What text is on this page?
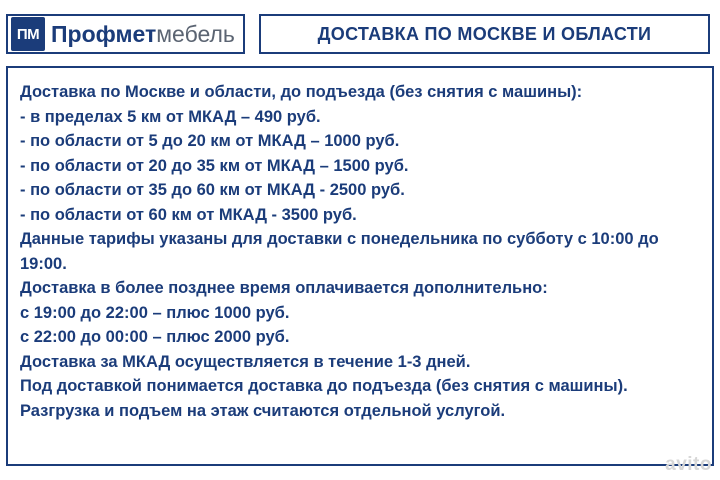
ПМ Профметмебель	ДОСТАВКА ПО МОСКВЕ И ОБЛАСТИ
Доставка по Москве и области, до подъезда (без снятия с машины):
- в пределах 5 км от МКАД – 490 руб.
- по области от 5 до 20 км от МКАД – 1000 руб.
- по области от 20 до 35 км от МКАД – 1500 руб.
- по области от 35 до 60 км от МКАД - 2500 руб.
- по области от 60 км от МКАД - 3500 руб.
Данные тарифы указаны для доставки с понедельника по субботу с 10:00 до 19:00.
Доставка в более позднее время оплачивается дополнительно:
с 19:00 до 22:00 – плюс 1000 руб.
с 22:00 до 00:00 – плюс 2000 руб.
Доставка за МКАД осуществляется в течение 1-3 дней.
Под доставкой понимается доставка до подъезда (без снятия с машины). Разгрузка и подъем на этаж считаются отдельной услугой.
avito
